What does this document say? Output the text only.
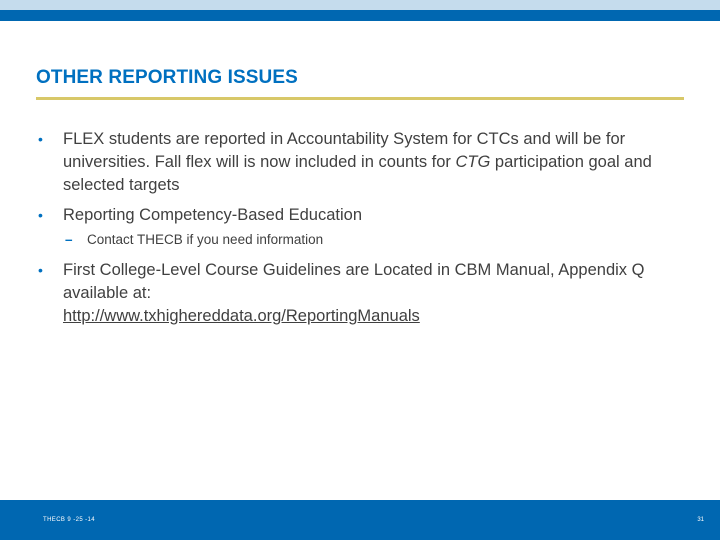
OTHER REPORTING ISSUES
• FLEX students are reported in Accountability System for CTCs and will be for universities. Fall flex will is now included in counts for CTG participation goal and selected targets
• Reporting Competency-Based Education
– Contact THECB if you need information
• First College-Level Course Guidelines are Located in CBM Manual, Appendix Q available at:
http://www.txhighereddata.org/ReportingManuals
THECB 9 -25 -14	31
